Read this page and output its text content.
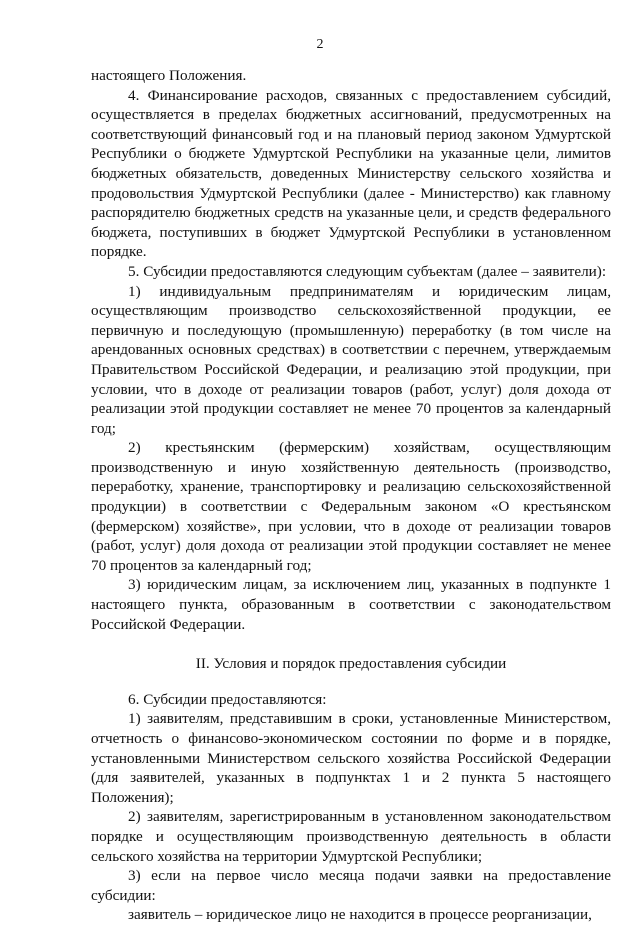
2

настоящего Положения.

4. Финансирование расходов, связанных с предоставлением субсидий, осуществляется в пределах бюджетных ассигнований, предусмотренных на соответствующий финансовый год и на плановый период законом Удмуртской Республики о бюджете Удмуртской Республики на указанные цели, лимитов бюджетных обязательств, доведенных Министерству сельского хозяйства и продовольствия Удмуртской Республики (далее - Министерство) как главному распорядителю бюджетных средств на указанные цели, и средств федерального бюджета, поступивших в бюджет Удмуртской Республики в установленном порядке.

5. Субсидии предоставляются следующим субъектам (далее – заявители):

1) индивидуальным предпринимателям и юридическим лицам, осуществляющим производство сельскохозяйственной продукции, ее первичную и последующую (промышленную) переработку (в том числе на арендованных основных средствах) в соответствии с перечнем, утверждаемым Правительством Российской Федерации, и реализацию этой продукции, при условии, что в доходе от реализации товаров (работ, услуг) доля дохода от реализации этой продукции составляет не менее 70 процентов за календарный год;

2) крестьянским (фермерским) хозяйствам, осуществляющим производственную и иную хозяйственную деятельность (производство, переработку, хранение, транспортировку и реализацию сельскохозяйственной продукции) в соответствии с Федеральным законом «О крестьянском (фермерском) хозяйстве», при условии, что в доходе от реализации товаров (работ, услуг) доля дохода от реализации этой продукции составляет не менее 70 процентов за календарный год;

3) юридическим лицам, за исключением лиц, указанных в подпункте 1 настоящего пункта, образованным в соответствии с законодательством Российской Федерации.

II. Условия и порядок предоставления субсидии

6. Субсидии предоставляются:

1) заявителям, представившим в сроки, установленные Министерством, отчетность о финансово-экономическом состоянии по форме и в порядке, установленными Министерством сельского хозяйства Российской Федерации (для заявителей, указанных в подпунктах 1 и 2 пункта 5 настоящего Положения);

2) заявителям, зарегистрированным в установленном законодательством порядке и осуществляющим производственную деятельность в области сельского хозяйства на территории Удмуртской Республики;

3) если на первое число месяца подачи заявки на предоставление субсидии:

заявитель – юридическое лицо не находится в процессе реорганизации,
